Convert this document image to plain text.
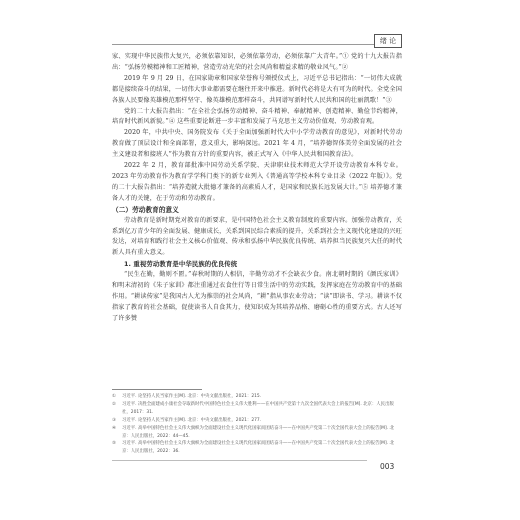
绪 论

家、实现中华民族伟大复兴，必须依靠知识，必须依靠劳动，必须依靠广大青年。”① 党的十九大报告指出：“弘扬劳模精神和工匠精神，营造劳动光荣的社会风尚和精益求精的敬业风气。”②

2019 年 9 月 29 日，在国家勋章和国家荣誉称号颁授仪式上，习近平总书记指出：“一切伟大成就都是接续奋斗的结果，一切伟大事业都需要在继往开来中推进。新时代必将是大有可为的时代。全党全国各族人民要像英雄模范那样坚守、像英雄模范那样奋斗，共同谱写新时代人民共和国的壮丽凯歌！”③

党的二十大报告指出：“在全社会弘扬劳动精神、奋斗精神、奉献精神、创造精神、勤俭节约精神，培育时代新风新貌。”④ 这些重要论断进一步丰富和发展了马克思主义劳动价值观、劳动教育观。

2020 年，中共中央、国务院发布《关于全面加强新时代大中小学劳动教育的意见》，对新时代劳动教育做了顶层设计和全面部署，意义重大，影响深远。2021 年 4 月，“培养德智体美劳全面发展的社会主义建设者和接班人”作为教育方针的重要内容，被正式写入《中华人民共和国教育法》。

2022 年 2 月，教育部批准中国劳动关系学院、天津职业技术师范大学开设劳动教育本科专业。2023 年劳动教育作为教育学学科门类下的新专业列入《普通高等学校本科专业目录（2022 年版）》。党的二十大报告指出：“培养造就大批德才兼备的高素质人才，是国家和民族长远发展大计。”⑤ 培养德才兼备人才的关键，在于劳动和劳动教育。

（二）劳动教育的意义

劳动教育是新时期党对教育的新要求，是中国特色社会主义教育制度的重要内容。加强劳动教育，关系到亿万青少年的全面发展、健康成长，关系到国民综合素质的提升，关系到社会主义现代化建设的兴旺发达，对培育和践行社会主义核心价值观、传承和弘扬中华民族优良传统、培养担当民族复兴大任的时代新人具有重大意义。

1. 重视劳动教育是中华民族的优良传统

“民生在勤，勤则不匮。”春秋时期的人相信，辛勤劳动才不会缺衣少食。南北朝时期的《颜氏家训》和明末清初的《朱子家训》都注重通过衣食住行等日常生活中的劳动实践，发挥家庭在劳动教育中的基础作用。“耕读传家”是我国古人尤为推崇的社会风尚，“耕”指从事农业劳动；“读”即读书、学习。耕读不仅指家了教育的社会基础，促使读书人自食其力，使知识成为其培养品格、磨砺心性的重要方式。古人还写了许多赞

①	习近平. 论坚持人民当家作主[M]. 北京：中央文献出版社，2021：215.
②	习近平. 决胜全面建成小康社会夺取新时代中国特色社会主义伟大胜利——在中国共产党第十九次全国代表大会上的报告[M]. 北京：人民出版社，2017：31.
③	习近平. 论坚持人民当家作主[M]. 北京：中央文献出版社，2021：277.
④	习近平. 高举中国特色社会主义伟大旗帜为全面建设社会主义现代化国家而团结奋斗——在中国共产党第二十次全国代表大会上的报告[M]. 北京：人民出版社，2022：44—45.
⑤	习近平. 高举中国特色社会主义伟大旗帜为全面建设社会主义现代化国家而团结奋斗——在中国共产党第二十次全国代表大会上的报告[M]. 北京：人民出版社，2022：36.
003
